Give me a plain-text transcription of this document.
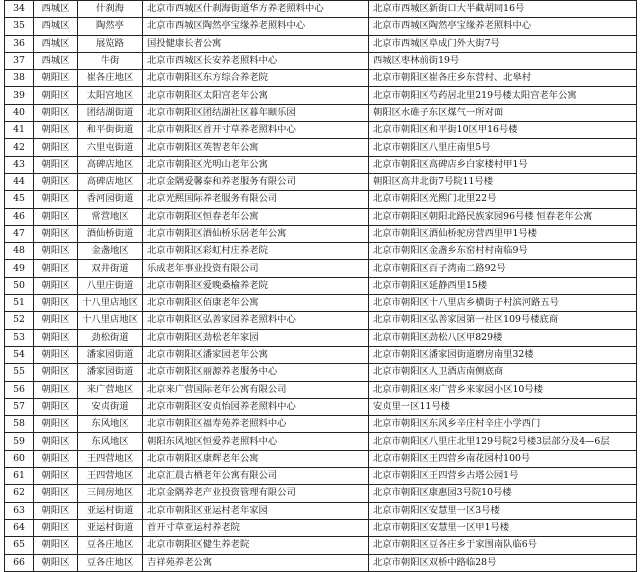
34	西城区	什刹海	北京市西城区什刹海街道华方养老照料中心	北京市西城区新街口大半截胡同16号
35	西城区	陶然亭	北京市西城区陶然亭宝缘养老照料中心	北京市西城区陶然亭宝缘养老照料中心
36	西城区	展览路	国投健康长者公寓	北京市西城区阜成门外大街7号
37	西城区	牛街	北京市西城区长安养老照料中心	西城区枣林前街19号
38	朝阳区	崔各庄地区	北京市朝阳区东方综合养老院	北京市朝阳区崔各庄乡东营村、北皋村
39	朝阳区	太阳宫地区	北京市朝阳区太阳宫老年公寓	北京市朝阳区芍药居北里219号楼太阳宫老年公寓
40	朝阳区	团结湖街道	北京市朝阳区团结湖社区暮年颐乐园	朝阳区水碓子东区煤气一所对面
41	朝阳区	和平街街道	北京市朝阳区首开寸草养老照料中心	北京市朝阳区和平街10区甲16号楼
42	朝阳区	六里屯街道	北京市朝阳区英智老年公寓	北京市朝阳区八里庄南里5号
43	朝阳区	高碑店地区	北京市朝阳区光明山老年公寓	北京市朝阳区高碑店乡白家楼村甲1号
44	朝阳区	高碑店地区	北京金隅爱馨泰和养老服务有限公司	朝阳区高井北街7号院11号楼
45	朝阳区	香河园街道	北京光熙国际养老服务有限公司	北京市朝阳区光熙门北里22号
46	朝阳区	常营地区	北京市朝阳区恒春老年公寓	北京市朝阳区朝阳北路民族家园96号楼 恒春老年公寓
47	朝阳区	酒仙桥街道	北京市朝阳区酒仙桥乐居老年公寓	北京市朝阳区酒仙桥驼房营西里甲1号楼
48	朝阳区	金盏地区	北京市朝阳区彩虹村庄养老院	北京市朝阳区金盏乡东窑村村南临9号
49	朝阳区	双井街道	乐成老年事业投资有限公司	北京市朝阳区百子湾南二路92号
50	朝阳区	八里庄街道	北京市朝阳区爱晚桑榆养老院	北京市朝阳区延静西里15楼
51	朝阳区	十八里店地区	北京市朝阳区佰康老年公寓	北京市朝阳区十八里店乡横街子村滨河路五号
52	朝阳区	十八里店地区	北京市朝阳区弘善家园养老照料中心	北京市朝阳区弘善家园第一社区109号楼底商
53	朝阳区	劲松街道	北京市朝阳区劲松老年家园	北京市朝阳区劲松八区甲829楼
54	朝阳区	潘家园街道	北京市朝阳区潘家园老年公寓	北京市朝阳区潘家园街道磨房南里32楼
55	朝阳区	潘家园街道	北京市朝阳区丽源养老服务中心	北京市朝阳区人卫酒店南侧底商
56	朝阳区	来广营地区	北京来广营国际老年公寓有限公司	北京市朝阳区来广营乡来家园小区10号楼
57	朝阳区	安贞街道	北京市朝阳区安贞怡园养老照料中心	安贞里一区11号楼
58	朝阳区	东风地区	北京市朝阳区福寿苑养老照料中心	北京市朝阳区东风乡辛庄村辛庄小学西门
59	朝阳区	东风地区	朝阳东风地区恒爱养老照料中心	北京市朝阳区八里庄北里129号院2号楼3层部分及4—6层
60	朝阳区	王四营地区	北京市朝阳区康辉老年公寓	北京市朝阳区王四营乡南花园村100号
61	朝阳区	王四营地区	北京汇晨古栖老年公寓有限公司	北京市朝阳区王四营乡古塔公园1号
62	朝阳区	三间房地区	北京金隅养老产业投资管理有限公司	北京市朝阳区康惠园3号院10号楼
63	朝阳区	亚运村街道	北京市朝阳区亚运村老年家园	北京市朝阳区安慧里一区3号楼
64	朝阳区	亚运村街道	首开寸草亚运村养老院	北京市朝阳区安慧里一区甲1号楼
65	朝阳区	豆各庄地区	北京市朝阳区健生养老院	北京市朝阳区豆各庄乡于家围南队临6号
66	朝阳区	豆各庄地区	吉祥苑养老公寓	北京市朝阳区双桥中路临28号
